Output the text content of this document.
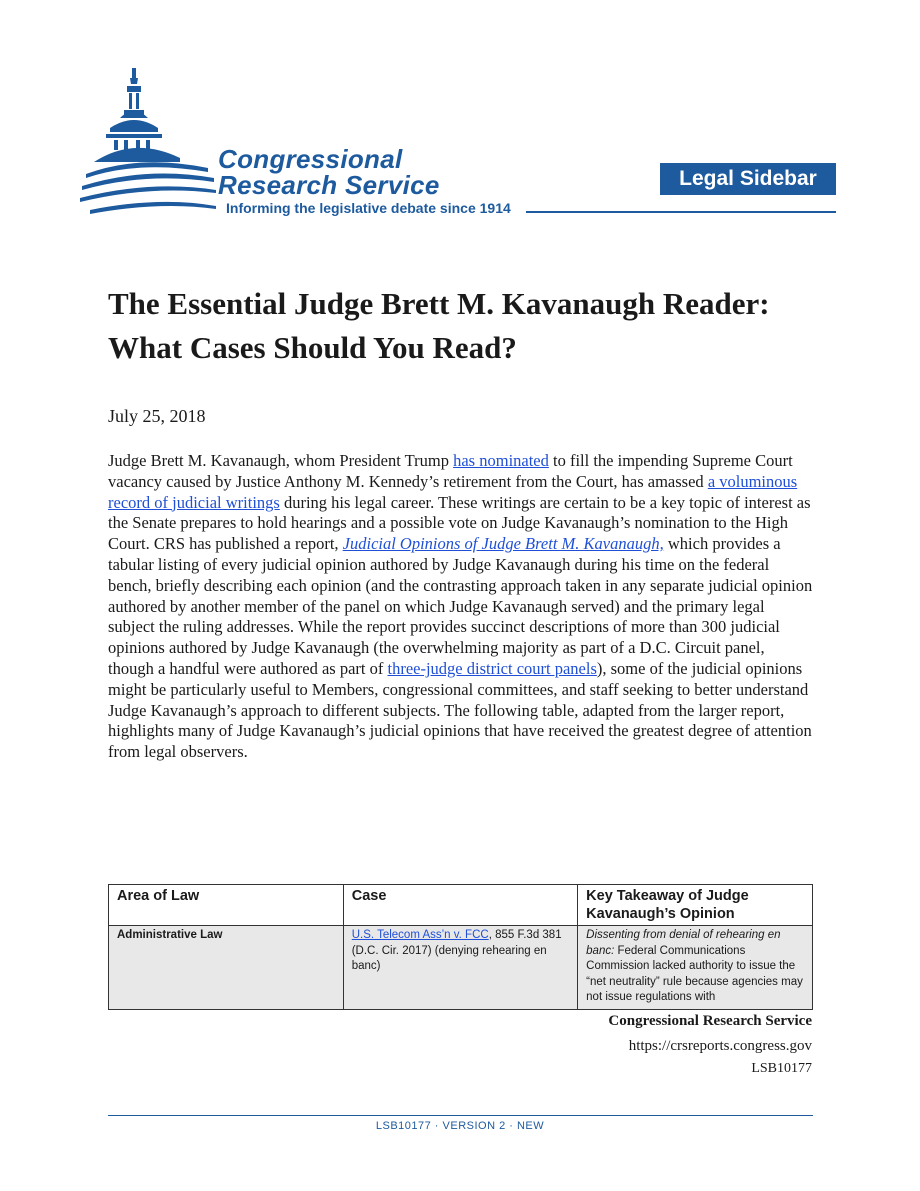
Congressional
Research Service
Informing the legislative debate since 1914
Legal Sidebar
The Essential Judge Brett M. Kavanaugh Reader: What Cases Should You Read?
July 25, 2018

Judge Brett M. Kavanaugh, whom President Trump has nominated to fill the impending Supreme Court vacancy caused by Justice Anthony M. Kennedy’s retirement from the Court, has amassed a voluminous record of judicial writings during his legal career. These writings are certain to be a key topic of interest as the Senate prepares to hold hearings and a possible vote on Judge Kavanaugh’s nomination to the High Court. CRS has published a report, Judicial Opinions of Judge Brett M. Kavanaugh, which provides a tabular listing of every judicial opinion authored by Judge Kavanaugh during his time on the federal bench, briefly describing each opinion (and the contrasting approach taken in any separate judicial opinion authored by another member of the panel on which Judge Kavanaugh served) and the primary legal subject the ruling addresses. While the report provides succinct descriptions of more than 300 judicial opinions authored by Judge Kavanaugh (the overwhelming majority as part of a D.C. Circuit panel, though a handful were authored as part of three-judge district court panels), some of the judicial opinions might be particularly useful to Members, congressional committees, and staff seeking to better understand Judge Kavanaugh’s approach to different subjects. The following table, adapted from the larger report, highlights many of Judge Kavanaugh’s judicial opinions that have received the greatest degree of attention from legal observers.

Area of Law	Case	Key Takeaway of Judge Kavanaugh’s Opinion
Administrative Law	U.S. Telecom Ass’n v. FCC, 855 F.3d 381 (D.C. Cir. 2017) (denying rehearing en banc)	Dissenting from denial of rehearing en banc: Federal Communications Commission lacked authority to issue the “net neutrality” rule because agencies may not issue regulations with
Congressional Research Service
https://crsreports.congress.gov
LSB10177
LSB10177 · VERSION 2 · NEW
